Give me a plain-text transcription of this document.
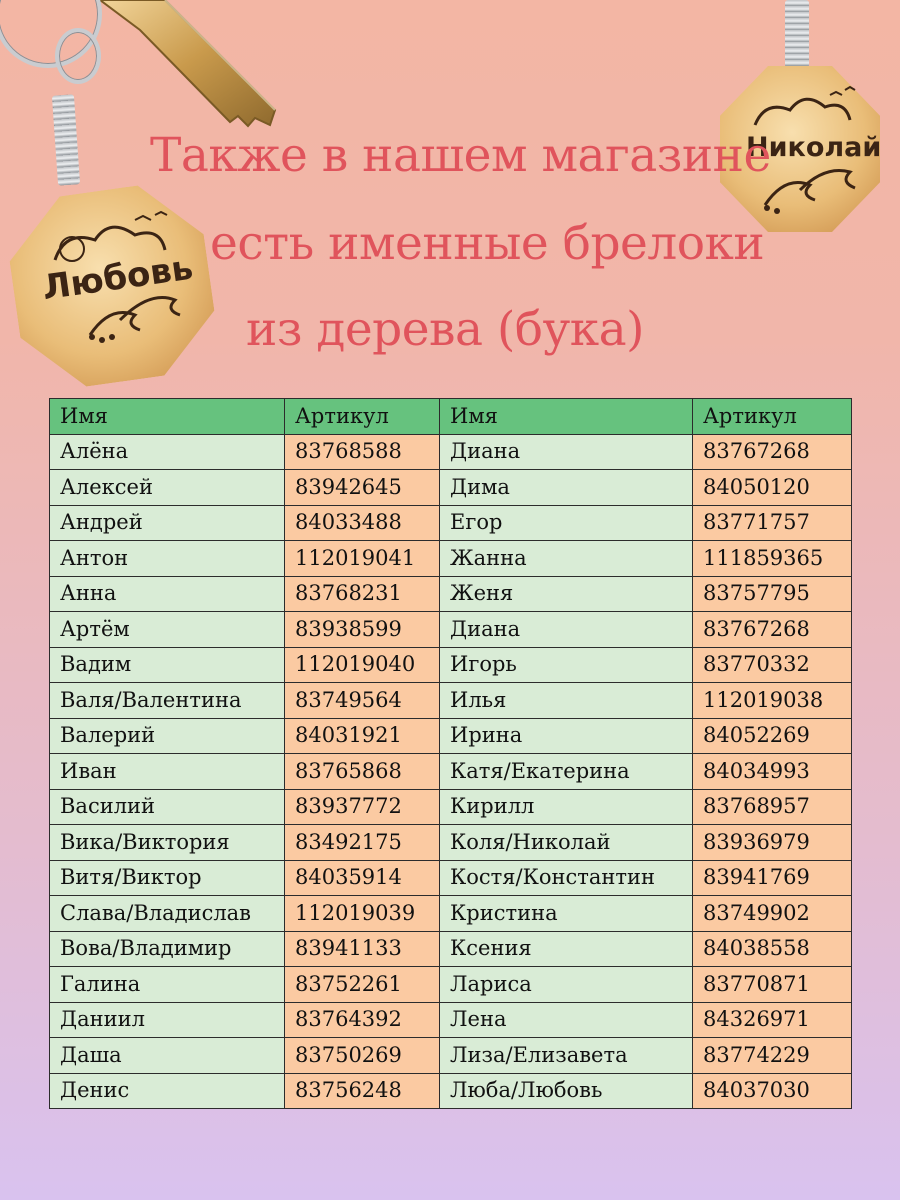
Любовь
Николай
Также в нашем магазине
есть именные брелоки
из дерева (бука)
Имя	Артикул	Имя	Артикул
Алёна	83768588	Диана	83767268
Алексей	83942645	Дима	84050120
Андрей	84033488	Егор	83771757
Антон	112019041	Жанна	111859365
Анна	83768231	Женя	83757795
Артём	83938599	Диана	83767268
Вадим	112019040	Игорь	83770332
Валя/Валентина	83749564	Илья	112019038
Валерий	84031921	Ирина	84052269
Иван	83765868	Катя/Екатерина	84034993
Василий	83937772	Кирилл	83768957
Вика/Виктория	83492175	Коля/Николай	83936979
Витя/Виктор	84035914	Костя/Константин	83941769
Слава/Владислав	112019039	Кристина	83749902
Вова/Владимир	83941133	Ксения	84038558
Галина	83752261	Лариса	83770871
Даниил	83764392	Лена	84326971
Даша	83750269	Лиза/Елизавета	83774229
Денис	83756248	Люба/Любовь	84037030
